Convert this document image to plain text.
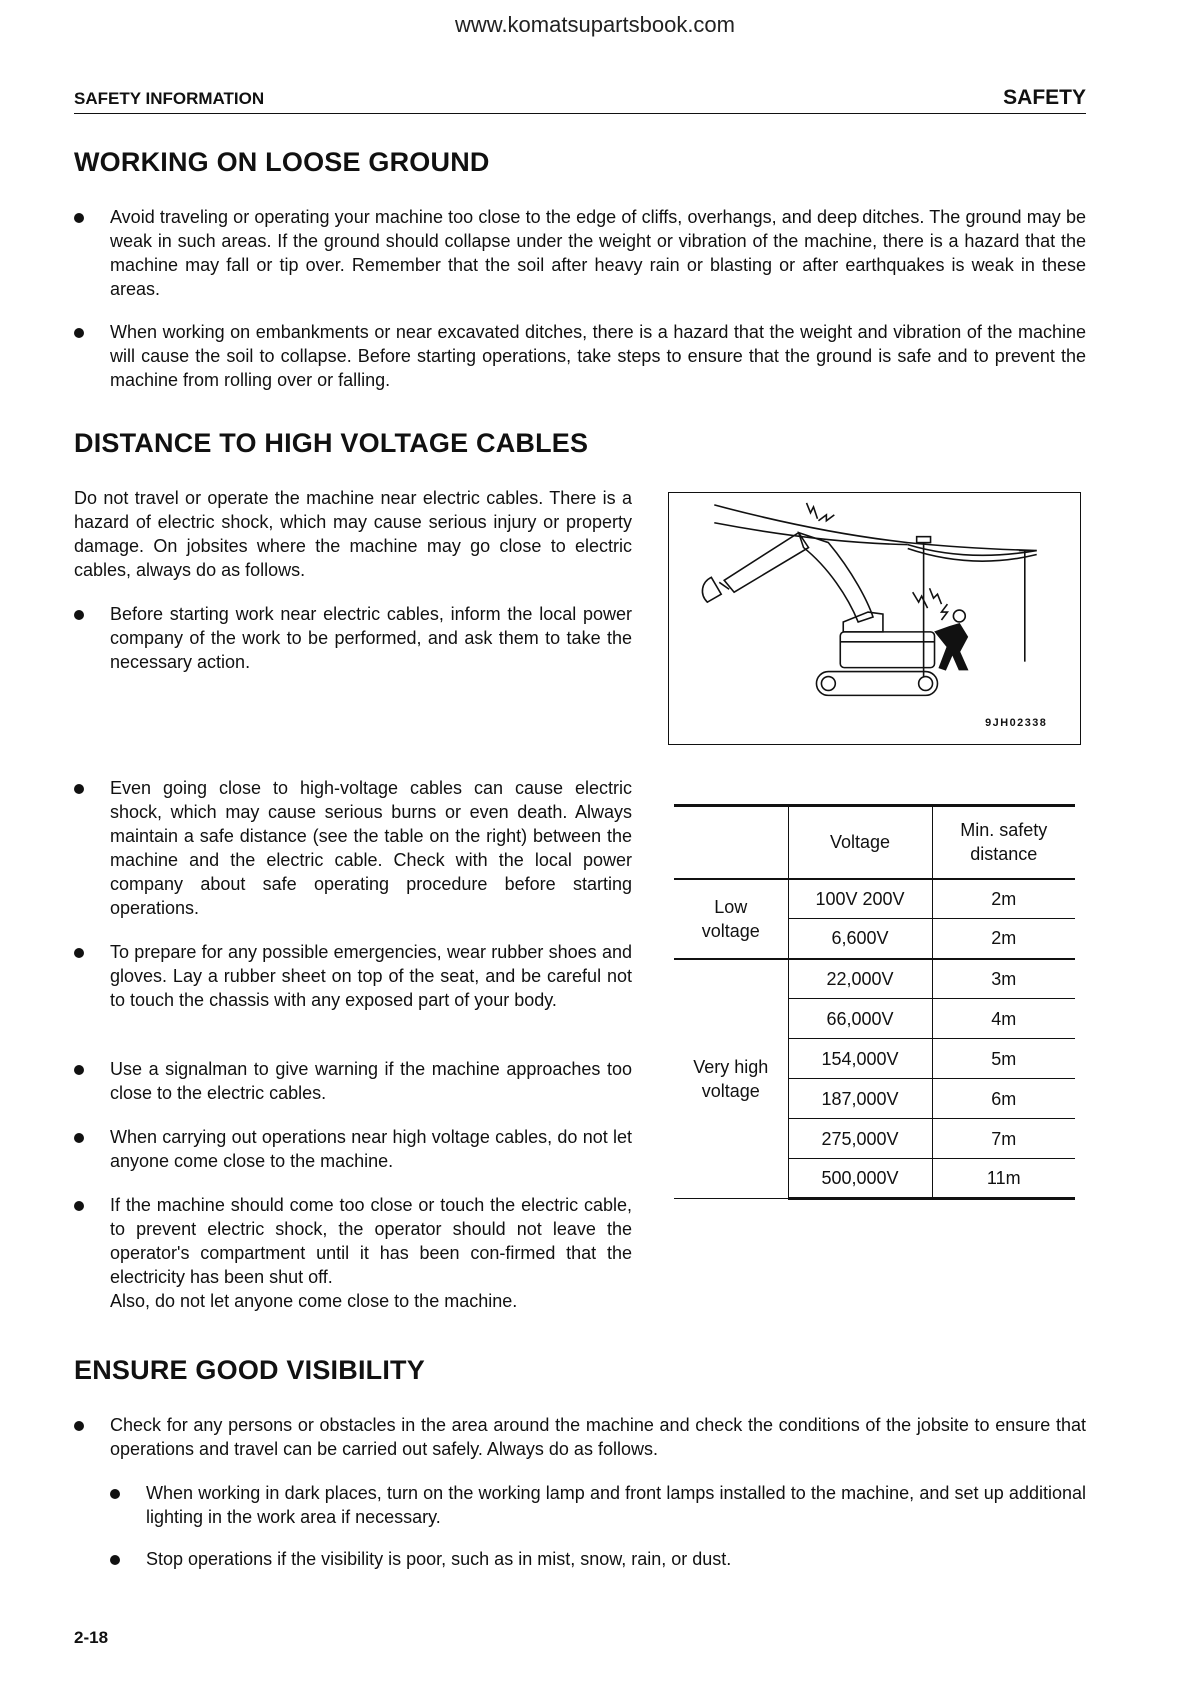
www.komatsupartsbook.com
SAFETY INFORMATION	SAFETY
WORKING ON LOOSE GROUND
Avoid traveling or operating your machine too close to the edge of cliffs, overhangs, and deep ditches. The ground may be weak in such areas. If the ground should collapse under the weight or vibration of the machine, there is a hazard that the machine may fall or tip over. Remember that the soil after heavy rain or blasting or after earthquakes is weak in these areas.
When working on embankments or near excavated ditches, there is a hazard that the weight and vibration of the machine will cause the soil to collapse. Before starting operations, take steps to ensure that the ground is safe and to prevent the machine from rolling over or falling.
DISTANCE TO HIGH VOLTAGE CABLES
Do not travel or operate the machine near electric cables. There is a hazard of electric shock, which may cause serious injury or property damage. On jobsites where the machine may go close to electric cables, always do as follows.
Before starting work near electric cables, inform the local power company of the work to be performed, and ask them to take the necessary action.
9JH02338
Even going close to high-voltage cables can cause electric shock, which may cause serious burns or even death. Always maintain a safe distance (see the table on the right) between the machine and the electric cable. Check with the local power company about safe operating procedure before starting operations.
To prepare for any possible emergencies, wear rubber shoes and gloves. Lay a rubber sheet on top of the seat, and be careful not to touch the chassis with any exposed part of your body.
Use a signalman to give warning if the machine approaches too close to the electric cables.
When carrying out operations near high voltage cables, do not let anyone come close to the machine.
If the machine should come too close or touch the electric cable, to prevent electric shock, the operator should not leave the operator's compartment until it has been con-firmed that the electricity has been shut off.
Also, do not let anyone come close to the machine.
	Voltage	Min. safety distance

Low voltage	100V 200V	2m
	6,600V	2m

Very high voltage	22,000V	3m
	66,000V	4m
	154,000V	5m
	187,000V	6m
	275,000V	7m
	500,000V	11m
ENSURE GOOD VISIBILITY
Check for any persons or obstacles in the area around the machine and check the conditions of the jobsite to ensure that operations and travel can be carried out safely. Always do as follows.
When working in dark places, turn on the working lamp and front lamps installed to the machine, and set up additional lighting in the work area if necessary.
Stop operations if the visibility is poor, such as in mist, snow, rain, or dust.
2-18
